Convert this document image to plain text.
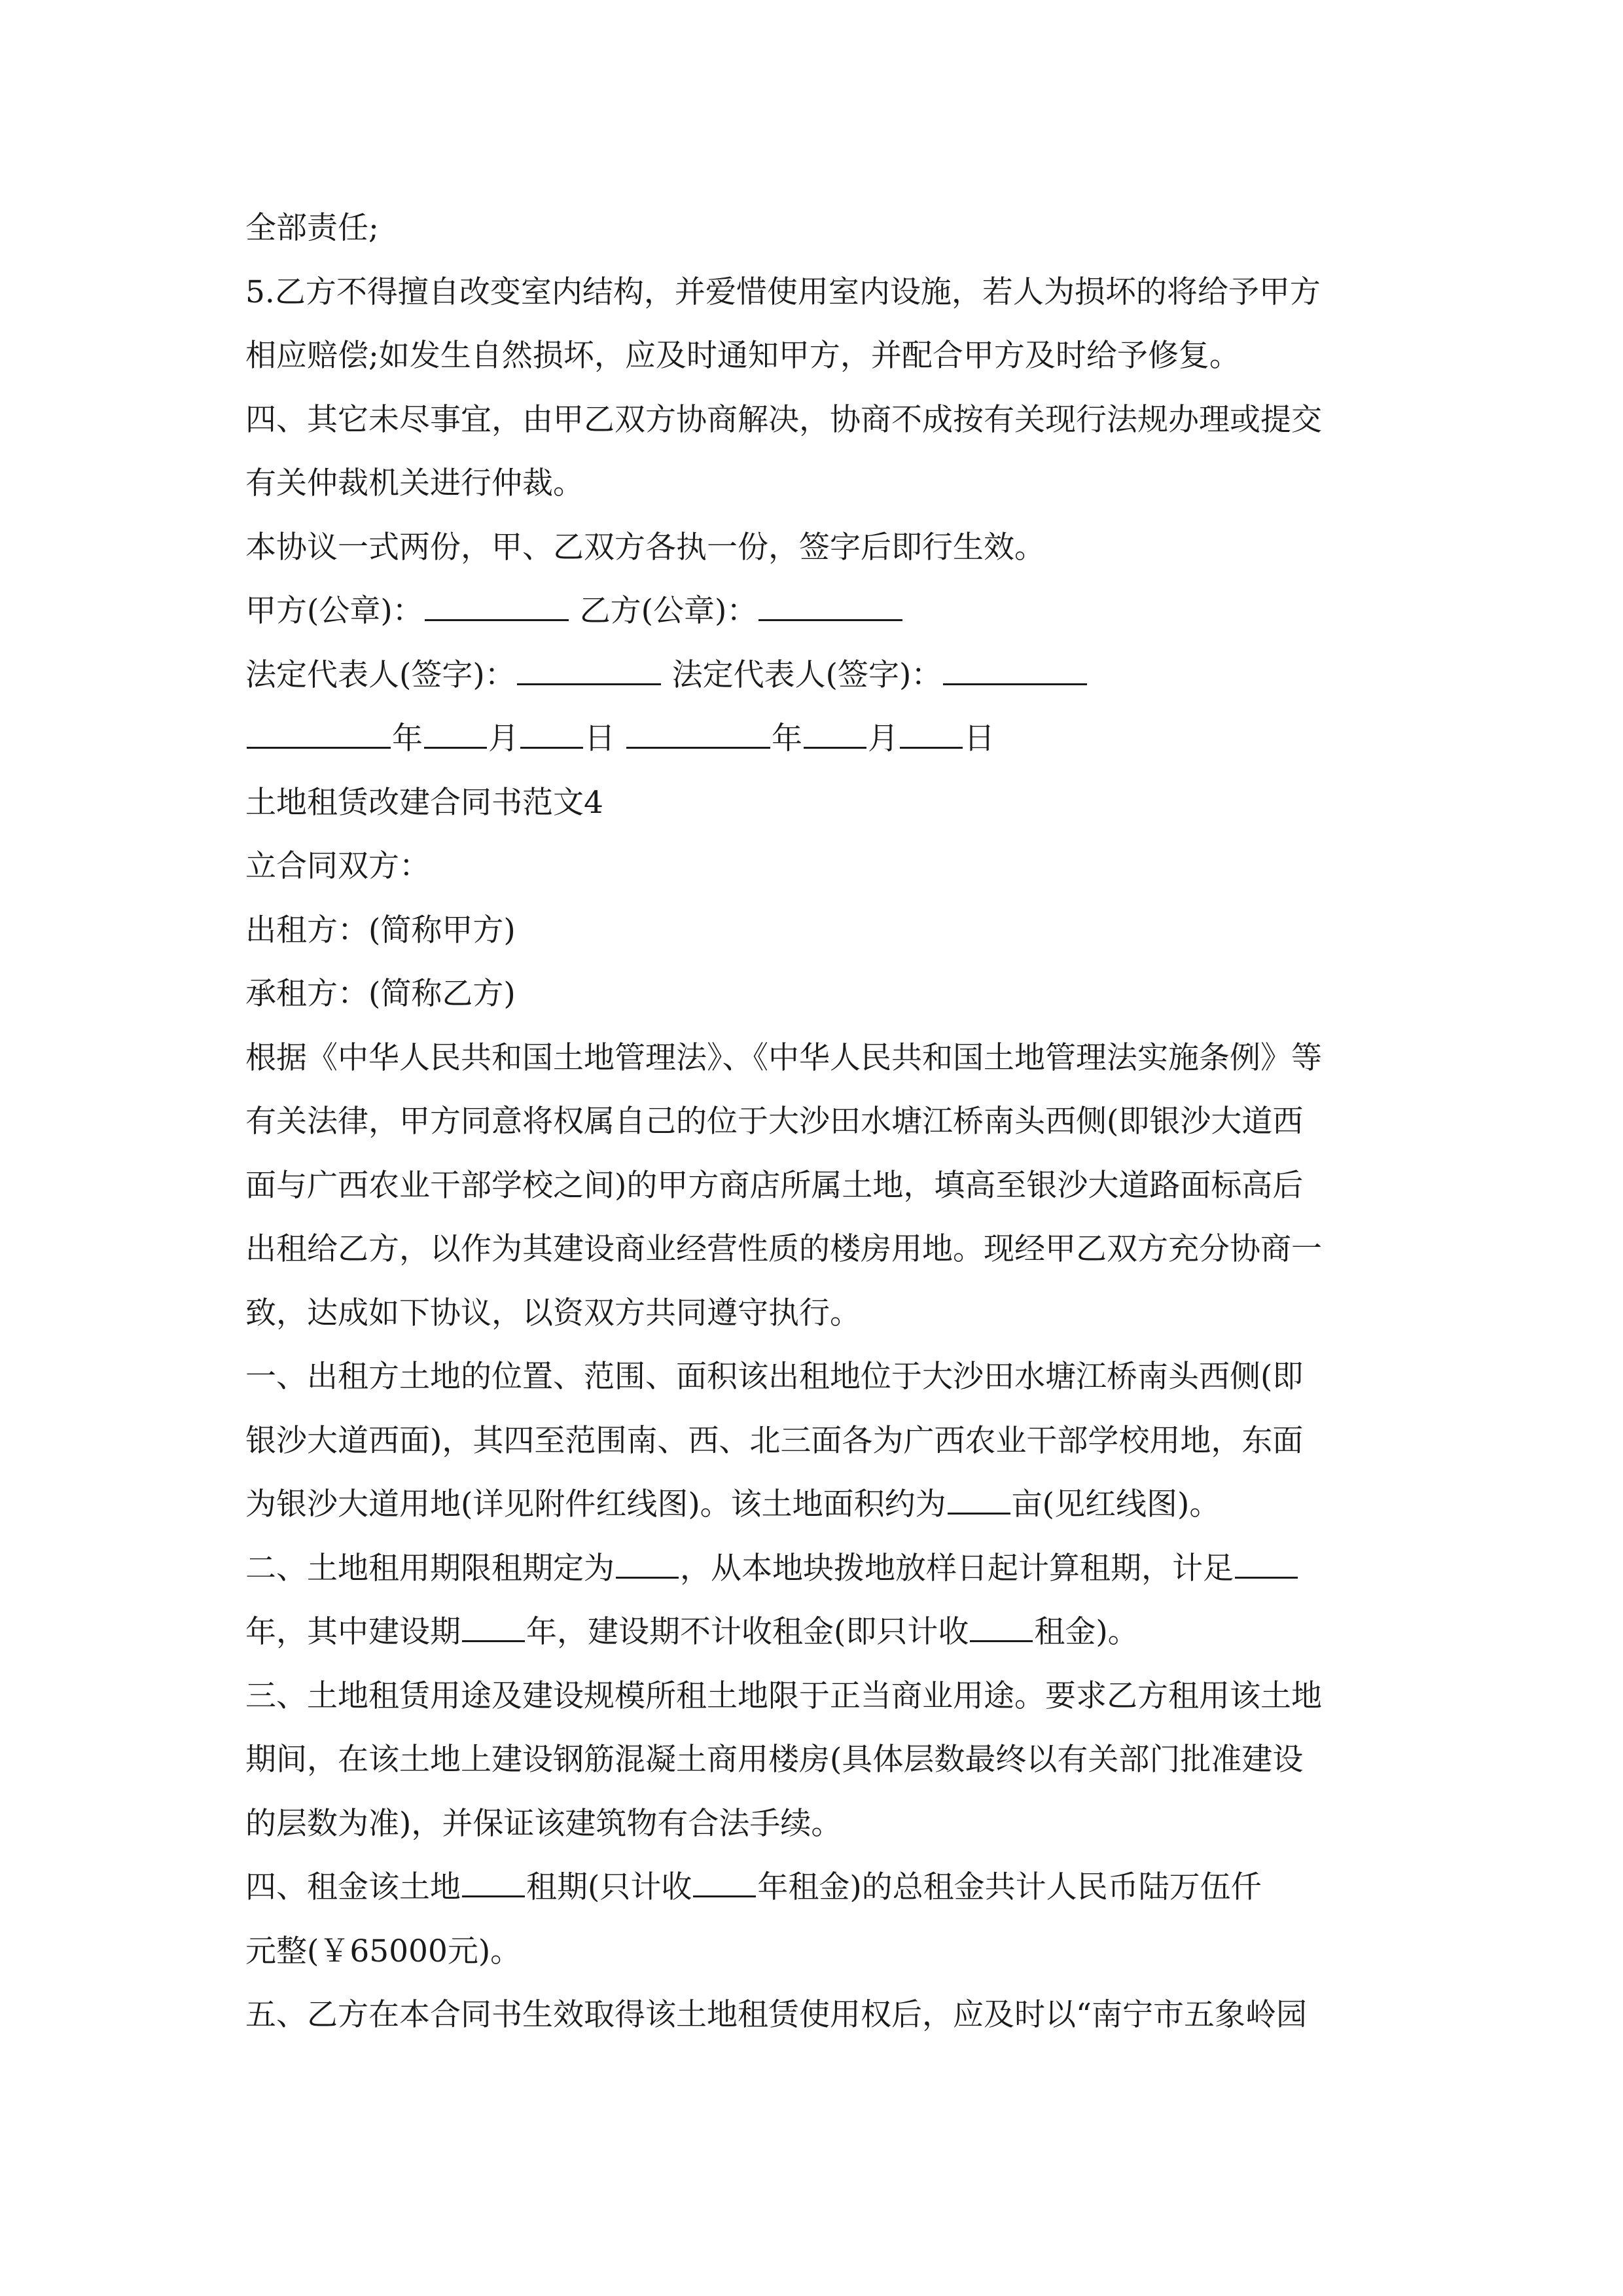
全部责任;
5.乙方不得擅自改变室内结构，并爱惜使用室内设施，若人为损坏的将给予甲方
相应赔偿;如发生自然损坏，应及时通知甲方，并配合甲方及时给予修复。
四、其它未尽事宜，由甲乙双方协商解决，协商不成按有关现行法规办理或提交
有关仲裁机关进行仲裁。
本协议一式两份，甲、乙双方各执一份，签字后即行生效。
甲方(公章)：	乙方(公章)：
法定代表人(签字)：	法定代表人(签字)：
年 月 日	年 月 日
土地租赁改建合同书范文4
立合同双方：
出租方：(简称甲方)
承租方：(简称乙方)
根据《中华人民共和国土地管理法》、《中华人民共和国土地管理法实施条例》等
有关法律，甲方同意将权属自己的位于大沙田水塘江桥南头西侧(即银沙大道西
面与广西农业干部学校之间)的甲方商店所属土地，填高至银沙大道路面标高后
出租给乙方，以作为其建设商业经营性质的楼房用地。现经甲乙双方充分协商一
致，达成如下协议，以资双方共同遵守执行。
一、出租方土地的位置、范围、面积该出租地位于大沙田水塘江桥南头西侧(即
银沙大道西面)，其四至范围南、西、北三面各为广西农业干部学校用地，东面
为银沙大道用地(详见附件红线图)。该土地面积约为 亩(见红线图)。
二、土地租用期限租期定为 ，从本地块拨地放样日起计算租期，计足
年，其中建设期 年，建设期不计收租金(即只计收 租金)。
三、土地租赁用途及建设规模所租土地限于正当商业用途。要求乙方租用该土地
期间，在该土地上建设钢筋混凝土商用楼房(具体层数最终以有关部门批准建设
的层数为准)，并保证该建筑物有合法手续。
四、租金该土地 租期(只计收 年租金)的总租金共计人民币陆万伍仟
元整(￥65000元)。
五、乙方在本合同书生效取得该土地租赁使用权后，应及时以“南宁市五象岭园
